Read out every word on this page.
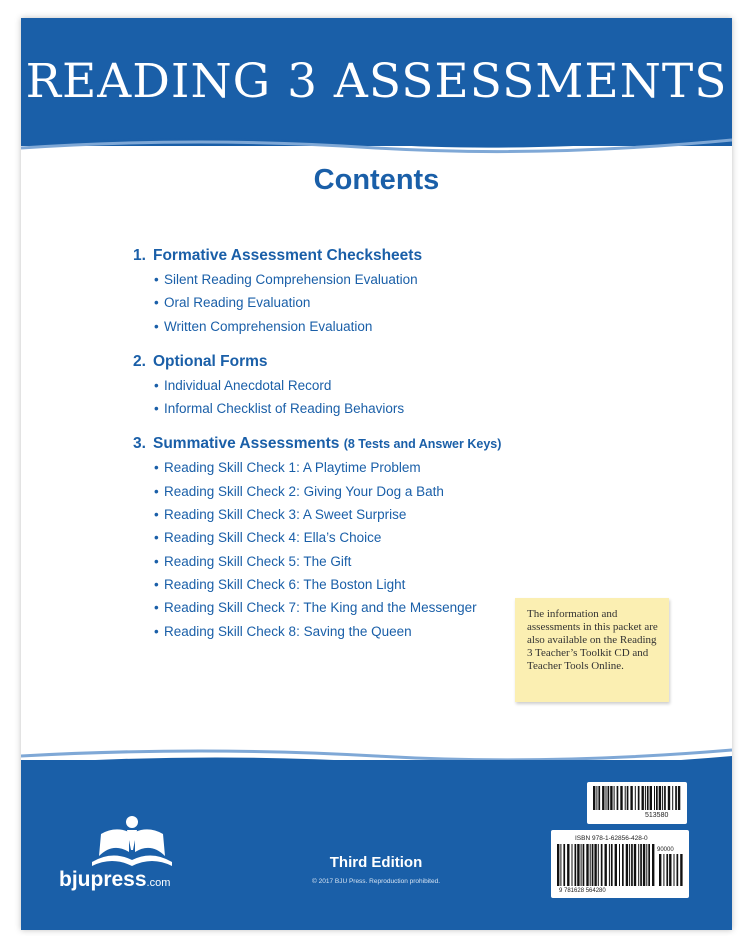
READING 3 ASSESSMENTS
Contents
1. Formative Assessment Checksheets
• Silent Reading Comprehension Evaluation
• Oral Reading Evaluation
• Written Comprehension Evaluation
2. Optional Forms
• Individual Anecdotal Record
• Informal Checklist of Reading Behaviors
3. Summative Assessments (8 Tests and Answer Keys)
• Reading Skill Check 1: A Playtime Problem
• Reading Skill Check 2: Giving Your Dog a Bath
• Reading Skill Check 3: A Sweet Surprise
• Reading Skill Check 4: Ella’s Choice
• Reading Skill Check 5: The Gift
• Reading Skill Check 6: The Boston Light
• Reading Skill Check 7: The King and the Messenger
• Reading Skill Check 8: Saving the Queen
The information and assessments in this packet are also available on the Reading 3 Teacher’s Toolkit CD and Teacher Tools Online.
bjupress.com
Third Edition
© 2017 BJU Press. Reproduction prohibited.
513580
ISBN 978-1-62856-428-0
9 781628 564280
90000
